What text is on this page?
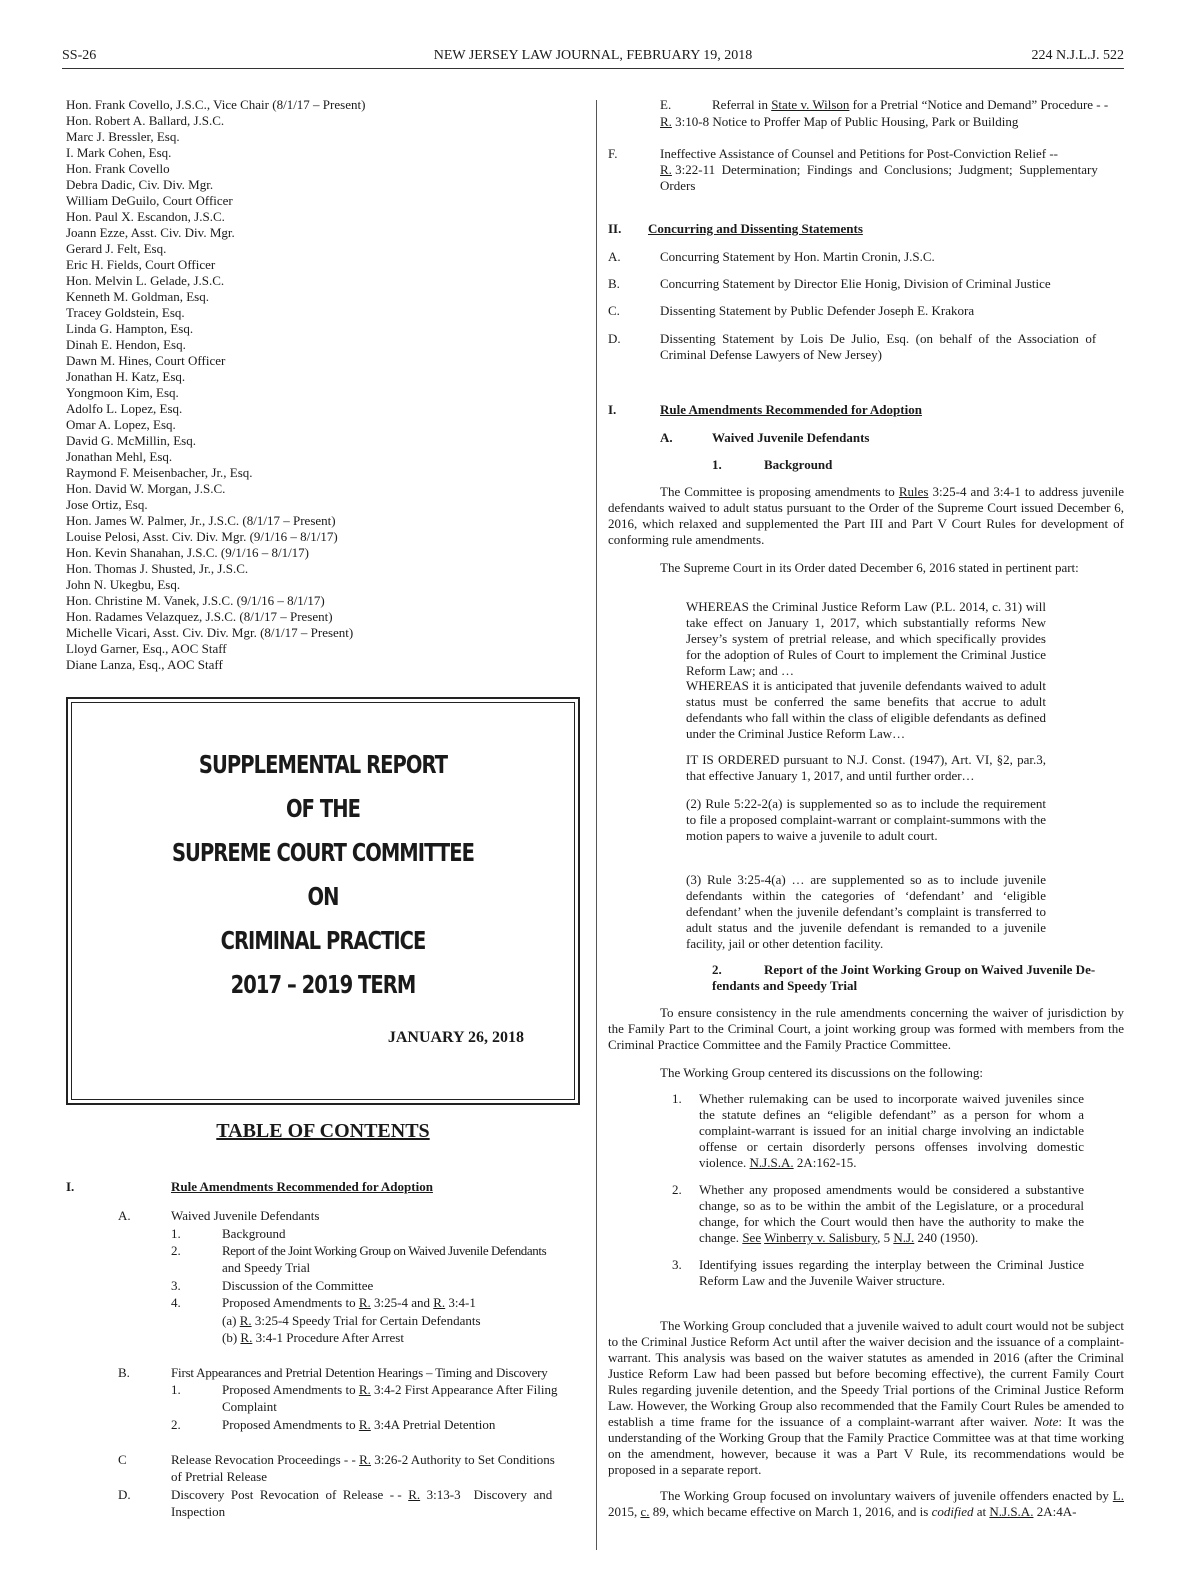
SS-26	NEW JERSEY LAW JOURNAL, FEBRUARY 19, 2018	224 N.J.L.J. 522
Hon. Frank Covello, J.S.C., Vice Chair (8/1/17 – Present)
Hon. Robert A. Ballard, J.S.C.
Marc J. Bressler, Esq.
I. Mark Cohen, Esq.
Hon. Frank Covello
Debra Dadic, Civ. Div. Mgr.
William DeGuilo, Court Officer
Hon. Paul X. Escandon, J.S.C.
Joann Ezze, Asst. Civ. Div. Mgr.
Gerard J. Felt, Esq.
Eric H. Fields, Court Officer
Hon. Melvin L. Gelade, J.S.C.
Kenneth M. Goldman, Esq.
Tracey Goldstein, Esq.
Linda G. Hampton, Esq.
Dinah E. Hendon, Esq.
Dawn M. Hines, Court Officer
Jonathan H. Katz, Esq.
Yongmoon Kim, Esq.
Adolfo L. Lopez, Esq.
Omar A. Lopez, Esq.
David G. McMillin, Esq.
Jonathan Mehl, Esq.
Raymond F. Meisenbacher, Jr., Esq.
Hon. David W. Morgan, J.S.C.
Jose Ortiz, Esq.
Hon. James W. Palmer, Jr., J.S.C. (8/1/17 – Present)
Louise Pelosi, Asst. Civ. Div. Mgr. (9/1/16 – 8/1/17)
Hon. Kevin Shanahan, J.S.C. (9/1/16 – 8/1/17)
Hon. Thomas J. Shusted, Jr., J.S.C.
John N. Ukegbu, Esq.
Hon. Christine M. Vanek, J.S.C. (9/1/16 – 8/1/17)
Hon. Radames Velazquez, J.S.C. (8/1/17 – Present)
Michelle Vicari, Asst. Civ. Div. Mgr. (8/1/17 – Present)
Lloyd Garner, Esq., AOC Staff
Diane Lanza, Esq., AOC Staff
SUPPLEMENTAL REPORT
OF THE
SUPREME COURT COMMITTEE
ON
CRIMINAL PRACTICE
2017 – 2019 TERM
JANUARY 26, 2018
TABLE OF CONTENTS
I.	Rule Amendments Recommended for Adoption
A.	Waived Juvenile Defendants
1.	Background
2.	Report of the Joint Working Group on Waived Juvenile Defendants
and Speedy Trial
3.	Discussion of the Committee
4.	Proposed Amendments to R. 3:25-4 and R. 3:4-1
(a) R. 3:25-4 Speedy Trial for Certain Defendants
(b) R. 3:4-1 Procedure After Arrest
B.	First Appearances and Pretrial Detention Hearings – Timing and Discovery
1.	Proposed Amendments to R. 3:4-2 First Appearance After Filing
Complaint
2.	Proposed Amendments to R. 3:4A Pretrial Detention
C	Release Revocation Proceedings - - R. 3:26-2 Authority to Set Conditions
of Pretrial Release
D.	Discovery  Post  Revocation  of  Release  - -  R.  3:13-3    Discovery  and
Inspection
E.	Referral in State v. Wilson for a Pretrial “Notice and Demand” Procedure - -
R. 3:10-8 Notice to Proffer Map of Public Housing, Park or Building
F.	Ineffective Assistance of Counsel and Petitions for Post-Conviction Relief --
R. 3:22-11  Determination;  Findings  and  Conclusions;  Judgment;  Supplementary
Orders
II. Concurring and Dissenting Statements
A.	Concurring Statement by Hon. Martin Cronin, J.S.C.
B.	Concurring Statement by Director Elie Honig, Division of Criminal Justice
C.	Dissenting Statement by Public Defender Joseph E. Krakora
D.	Dissenting  Statement  by  Lois  De  Julio,  Esq.  (on  behalf  of  the  Association  of
Criminal Defense Lawyers of New Jersey)
I.	Rule Amendments Recommended for Adoption
A.	Waived Juvenile Defendants
1.	Background

The Committee is proposing amendments to Rules 3:25-4 and 3:4-1 to address juvenile defendants waived to adult status pursuant to the Order of the Supreme Court issued December 6, 2016, which relaxed and supplemented the Part III and Part V Court Rules for development of conforming rule amendments.

The Supreme Court in its Order dated December 6, 2016 stated in pertinent part:

WHEREAS the Criminal Justice Reform Law (P.L. 2014, c. 31) will take effect on January 1, 2017, which substantially reforms New Jersey’s system of pretrial release, and which specifically provides for the adoption of Rules of Court to implement the Criminal Justice Reform Law; and …

WHEREAS it is anticipated that juvenile defendants waived to adult status must be conferred the same benefits that accrue to adult defendants who fall within the class of eligible defendants as defined under the Criminal Justice Reform Law…

IT IS ORDERED pursuant to N.J. Const. (1947), Art. VI, §2, par.3, that effective January 1, 2017, and until further order…

(2) Rule 5:22-2(a) is supplemented so as to include the requirement to file a proposed complaint-warrant or complaint-summons with the motion papers to waive a juvenile to adult court.

(3) Rule 3:25-4(a) … are supplemented so as to include juvenile defendants within the categories of ‘defendant’ and ‘eligible defendant’ when the juvenile defendant’s complaint is transferred to adult status and the juvenile defendant is remanded to a juvenile facility, jail or other detention facility.

2.	Report of the Joint Working Group on Waived Juvenile De-
fendants and Speedy Trial

To ensure consistency in the rule amendments concerning the waiver of jurisdiction by the Family Part to the Criminal Court, a joint working group was formed with members from the Criminal Practice Committee and the Family Practice Committee.

The Working Group centered its discussions on the following:

1. Whether rulemaking can be used to incorporate waived juveniles since the statute defines an “eligible defendant” as a person for whom a complaint-warrant is issued for an initial charge involving an indictable offense or certain disorderly persons offenses involving domestic violence. N.J.S.A. 2A:162-15.
2. Whether any proposed amendments would be considered a substantive change, so as to be within the ambit of the Legislature, or a procedural change, for which the Court would then have the authority to make the change. See Winberry v. Salisbury, 5 N.J. 240 (1950).
3. Identifying issues regarding the interplay between the Criminal Justice Reform Law and the Juvenile Waiver structure.

The Working Group concluded that a juvenile waived to adult court would not be subject to the Criminal Justice Reform Act until after the waiver decision and the issuance of a complaint-warrant. This analysis was based on the waiver statutes as amended in 2016 (after the Criminal Justice Reform Law had been passed but before becoming effective), the current Family Court Rules regarding juvenile detention, and the Speedy Trial portions of the Criminal Justice Reform Law. However, the Working Group also recommended that the Family Court Rules be amended to establish a time frame for the issuance of a complaint-warrant after waiver. Note: It was the understanding of the Working Group that the Family Practice Committee was at that time working on the amendment, however, because it was a Part V Rule, its recommendations would be proposed in a separate report.

The Working Group focused on involuntary waivers of juvenile offenders enacted by L. 2015, c. 89, which became effective on March 1, 2016, and is codified at N.J.S.A. 2A:4A-
